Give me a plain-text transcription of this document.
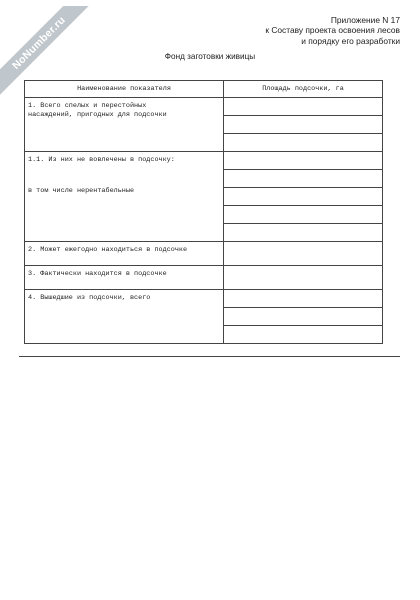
NoNumber.ru	Приложение N 17
к Составу проекта освоения лесов
и порядку его разработки
Фонд заготовки живицы
Наименование показателя	Площадь подсочки, га

1. Всего спелых и перестойных
насаждений, пригодных для подсочки	

1.1. Из них не вовлечены в подсочку:
в том числе нерентабельные	

2. Может ежегодно находиться в подсочке	
3. Фактически находится в подсочке	
4. Вышедшие из подсочки, всего	
